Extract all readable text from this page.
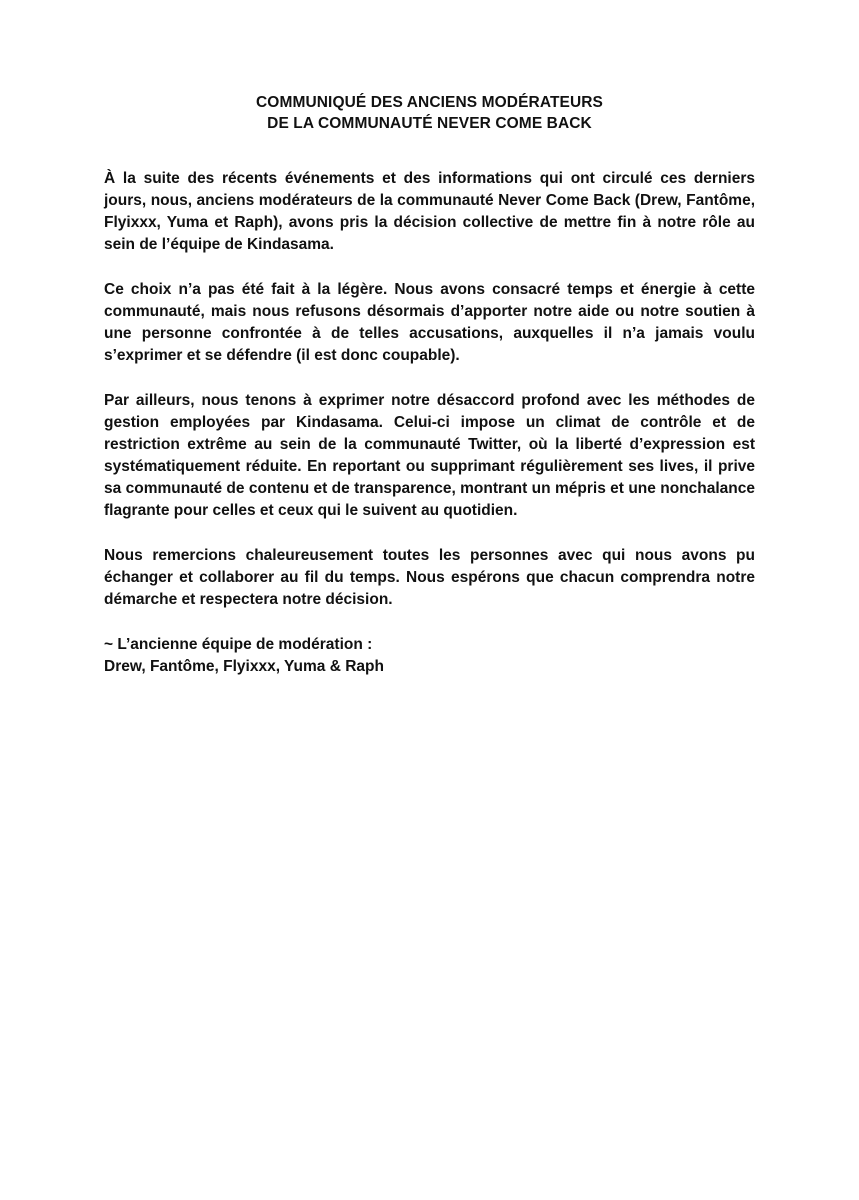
COMMUNIQUÉ DES ANCIENS MODÉRATEURS
DE LA COMMUNAUTÉ NEVER COME BACK

À la suite des récents événements et des informations qui ont circulé ces derniers jours, nous, anciens modérateurs de la communauté Never Come Back (Drew, Fantôme, Flyixxx, Yuma et Raph), avons pris la décision collective de mettre fin à notre rôle au sein de l’équipe de Kindasama.

Ce choix n’a pas été fait à la légère. Nous avons consacré temps et énergie à cette communauté, mais nous refusons désormais d’apporter notre aide ou notre soutien à une personne confrontée à de telles accusations, auxquelles il n’a jamais voulu s’exprimer et se défendre (il est donc coupable).

Par ailleurs, nous tenons à exprimer notre désaccord profond avec les méthodes de gestion employées par Kindasama. Celui-ci impose un climat de contrôle et de restriction extrême au sein de la communauté Twitter, où la liberté d’expression est systématiquement réduite. En reportant ou supprimant régulièrement ses lives, il prive sa communauté de contenu et de transparence, montrant un mépris et une nonchalance flagrante pour celles et ceux qui le suivent au quotidien.

Nous remercions chaleureusement toutes les personnes avec qui nous avons pu échanger et collaborer au fil du temps. Nous espérons que chacun comprendra notre démarche et respectera notre décision.

~ L’ancienne équipe de modération :
Drew, Fantôme, Flyixxx, Yuma & Raph
